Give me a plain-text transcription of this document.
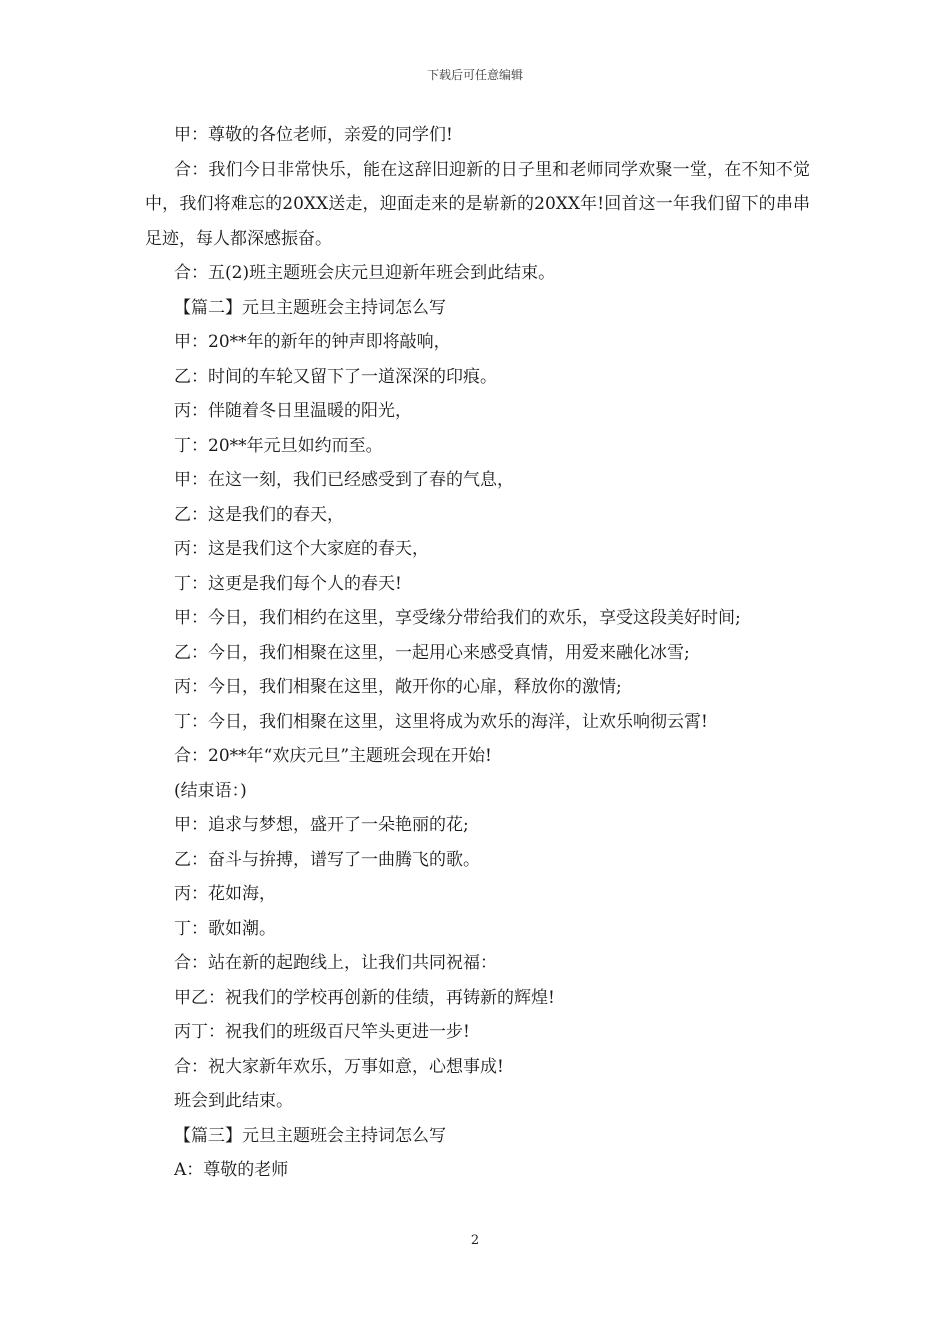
下载后可任意编辑

甲：尊敬的各位老师，亲爱的同学们!

合：我们今日非常快乐，能在这辞旧迎新的日子里和老师同学欢聚一堂，在不知不觉中，我们将难忘的20XX送走，迎面走来的是崭新的20XX年!回首这一年我们留下的串串足迹，每人都深感振奋。

合：五(2)班主题班会庆元旦迎新年班会到此结束。

【篇二】元旦主题班会主持词怎么写

甲：20**年的新年的钟声即将敲响，

乙：时间的车轮又留下了一道深深的印痕。

丙：伴随着冬日里温暖的阳光，

丁：20**年元旦如约而至。

甲：在这一刻，我们已经感受到了春的气息，

乙：这是我们的春天，

丙：这是我们这个大家庭的春天，

丁：这更是我们每个人的春天!

甲：今日，我们相约在这里，享受缘分带给我们的欢乐，享受这段美好时间;

乙：今日，我们相聚在这里，一起用心来感受真情，用爱来融化冰雪;

丙：今日，我们相聚在这里，敞开你的心扉，释放你的激情;

丁：今日，我们相聚在这里，这里将成为欢乐的海洋，让欢乐响彻云霄!

合：20**年“欢庆元旦”主题班会现在开始!

(结束语：)

甲：追求与梦想，盛开了一朵艳丽的花;

乙：奋斗与拚搏，谱写了一曲腾飞的歌。

丙：花如海，

丁：歌如潮。

合：站在新的起跑线上，让我们共同祝福：

甲乙：祝我们的学校再创新的佳绩，再铸新的辉煌!

丙丁：祝我们的班级百尺竿头更进一步!

合：祝大家新年欢乐，万事如意，心想事成!

班会到此结束。

【篇三】元旦主题班会主持词怎么写

A：尊敬的老师

2
